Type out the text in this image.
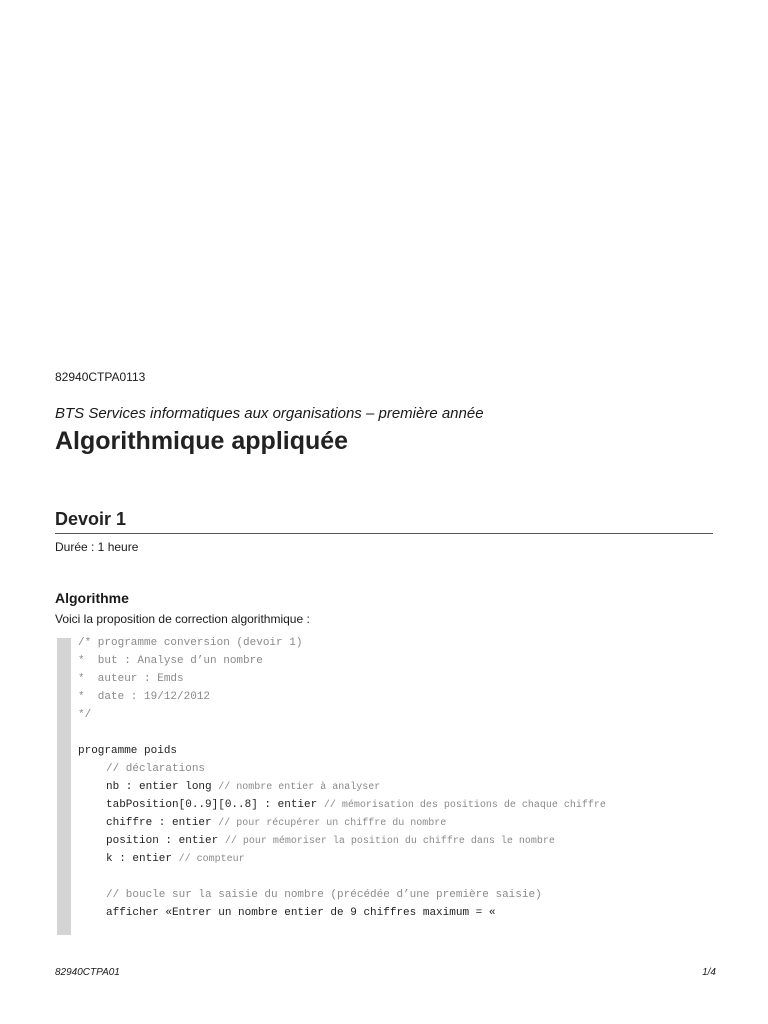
82940CTPA0113
BTS Services informatiques aux organisations – première année
Algorithmique appliquée
Devoir 1
Durée : 1 heure
Algorithme
Voici la proposition de correction algorithmique :
/* programme conversion (devoir 1)
*  but : Analyse d’un nombre
*  auteur : Emds
*  date : 19/12/2012
*/
programme poids
// déclarations
nb : entier long // nombre entier à analyser
tabPosition[0..9][0..8] : entier // mémorisation des positions de chaque chiffre
chiffre : entier // pour récupérer un chiffre du nombre
position : entier // pour mémoriser la position du chiffre dans le nombre
k : entier // compteur
// boucle sur la saisie du nombre (précédée d’une première saisie)
afficher «Entrer un nombre entier de 9 chiffres maximum = «
82940CTPA01	1/4
